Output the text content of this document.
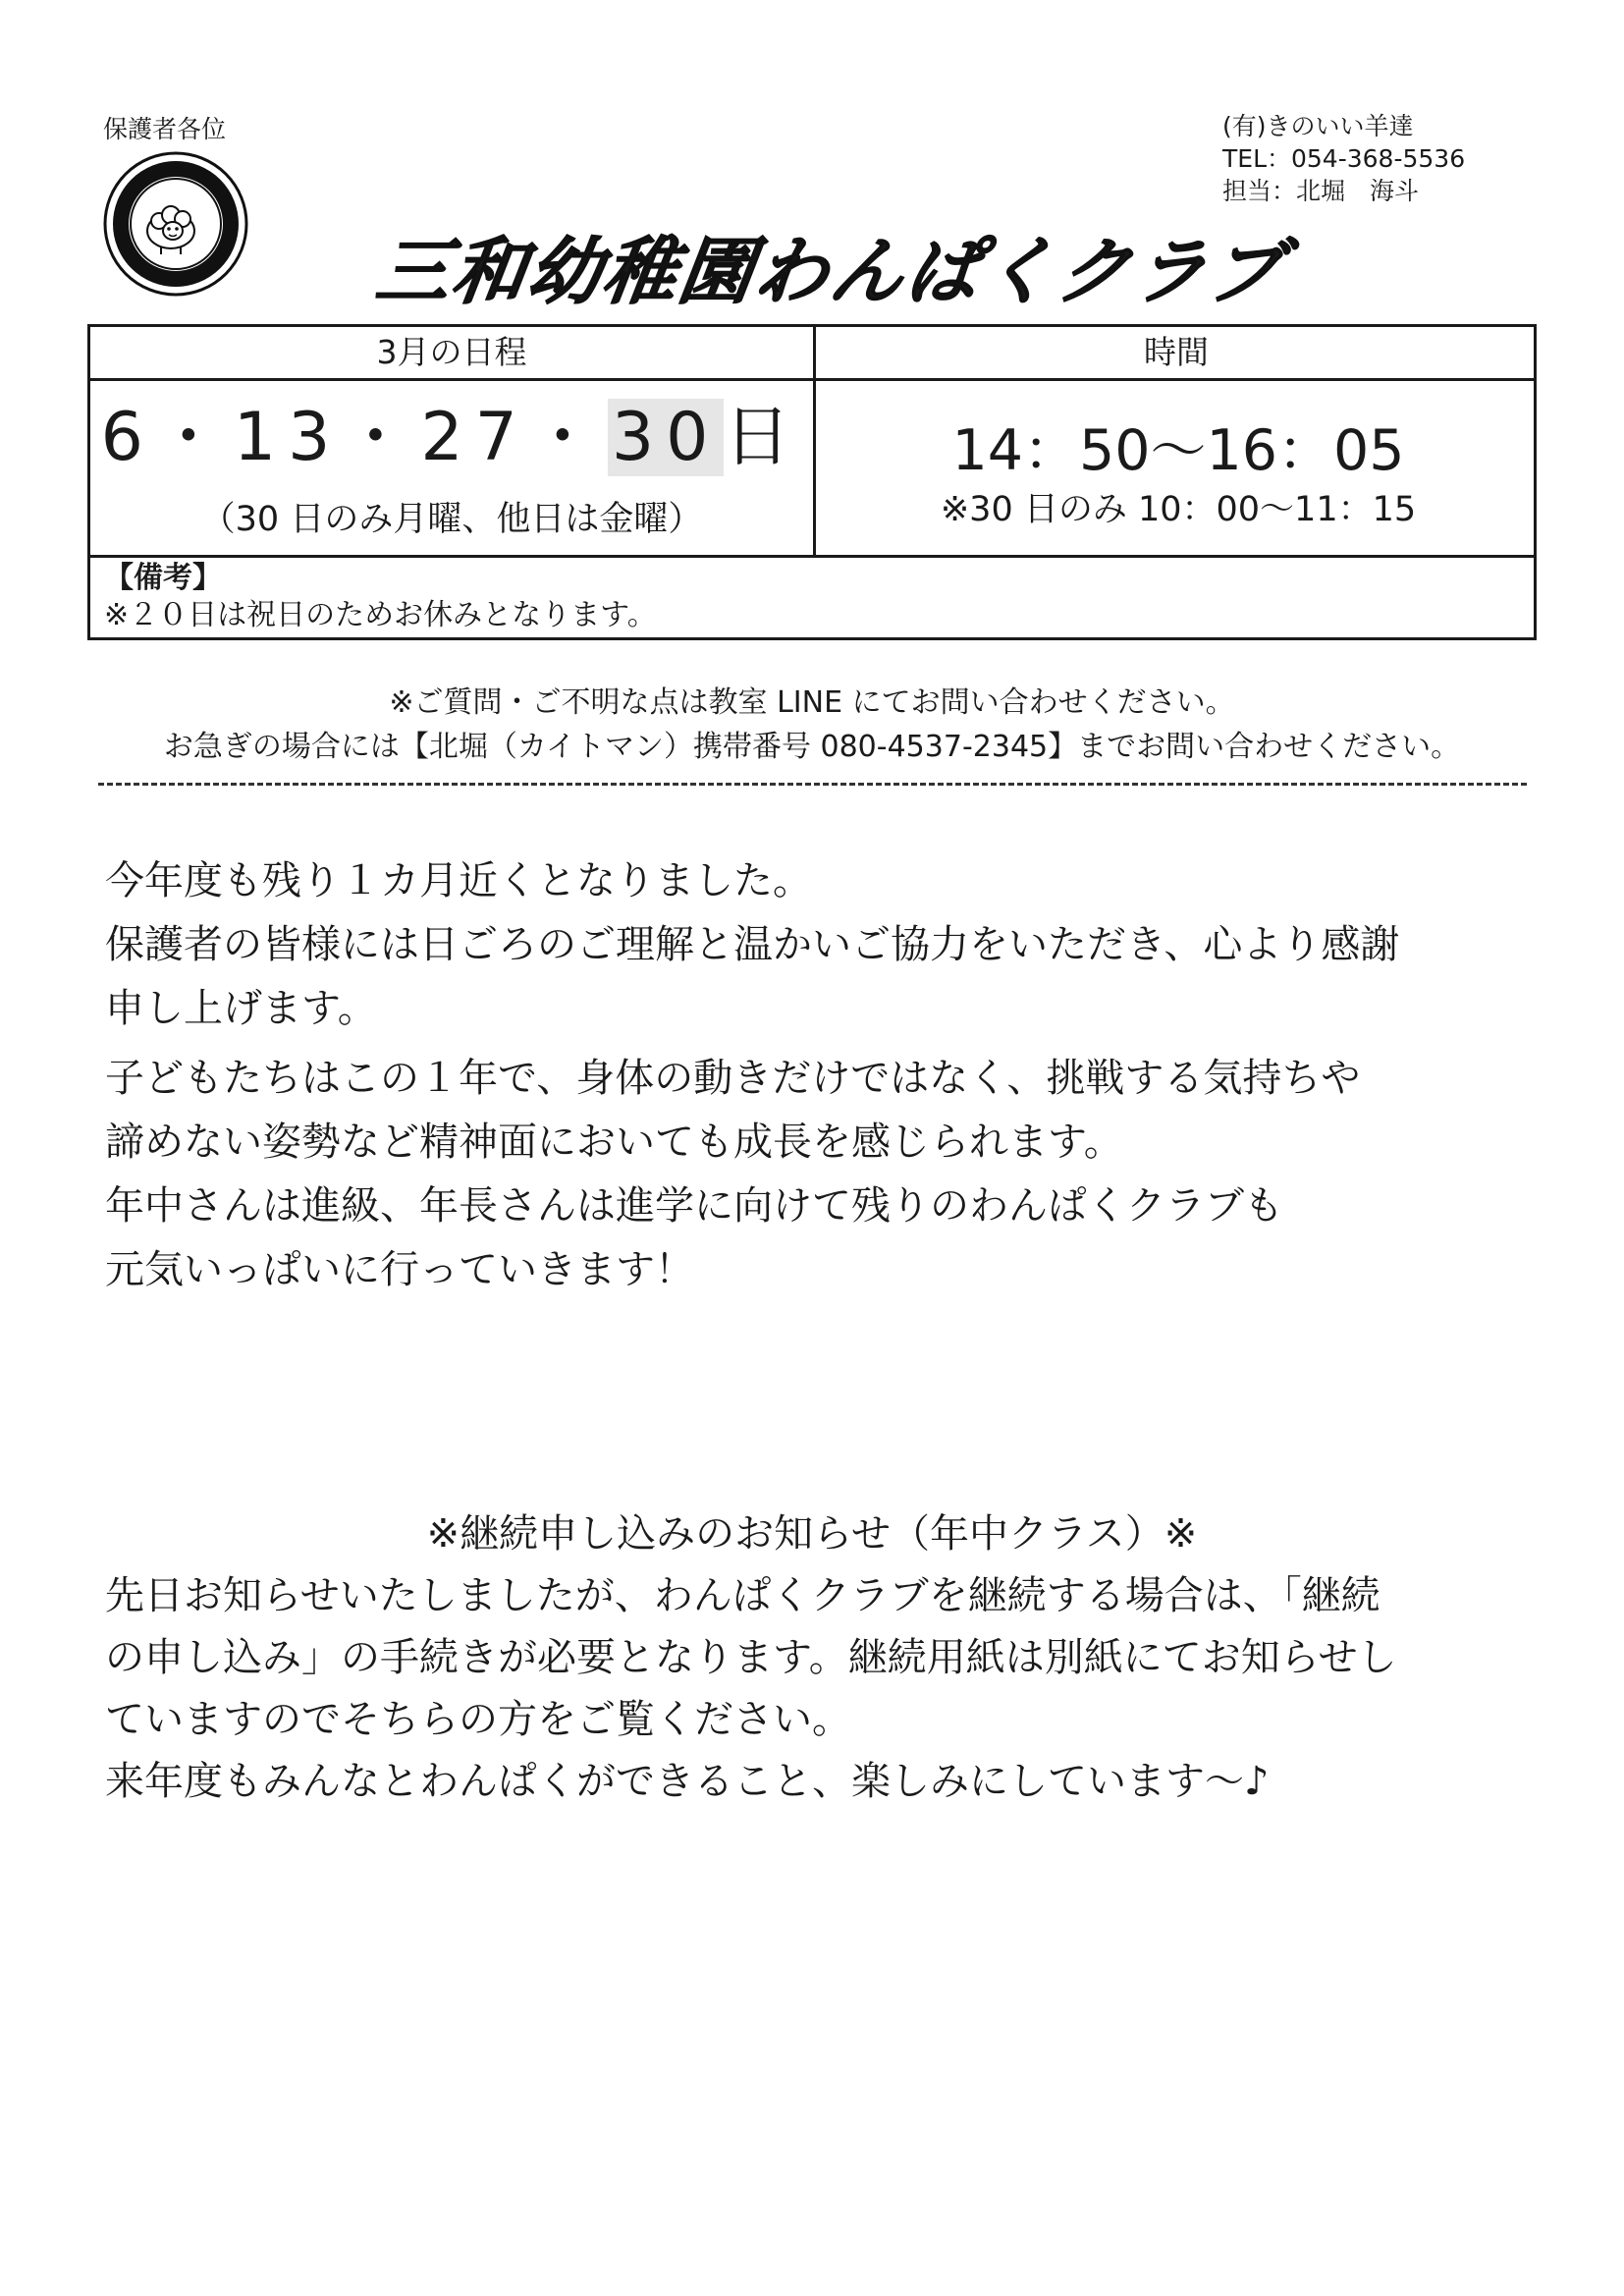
保護者各位	(有)きのいい羊達
TEL：054-368-5536
担当：北堀　海斗
三和幼稚園わんぱくクラブ
3月の日程	時間
6・13・27・30日
（30 日のみ月曜、他日は金曜）
14：50〜16：05
※30 日のみ 10：00〜11：15
【備考】
※２０日は祝日のためお休みとなります。
※ご質問・ご不明な点は教室 LINE にてお問い合わせください。
お急ぎの場合には【北堀（カイトマン）携帯番号 080-4537-2345】までお問い合わせください。
今年度も残り１カ月近くとなりました。
保護者の皆様には日ごろのご理解と温かいご協力をいただき、心より感謝
申し上げます。
子どもたちはこの１年で、身体の動きだけではなく、挑戦する気持ちや
諦めない姿勢など精神面においても成長を感じられます。
年中さんは進級、年長さんは進学に向けて残りのわんぱくクラブも
元気いっぱいに行っていきます！
※継続申し込みのお知らせ（年中クラス）※
先日お知らせいたしましたが、わんぱくクラブを継続する場合は、「継続
の申し込み」の手続きが必要となります。継続用紙は別紙にてお知らせし
ていますのでそちらの方をご覧ください。
来年度もみんなとわんぱくができること、楽しみにしています〜♪
